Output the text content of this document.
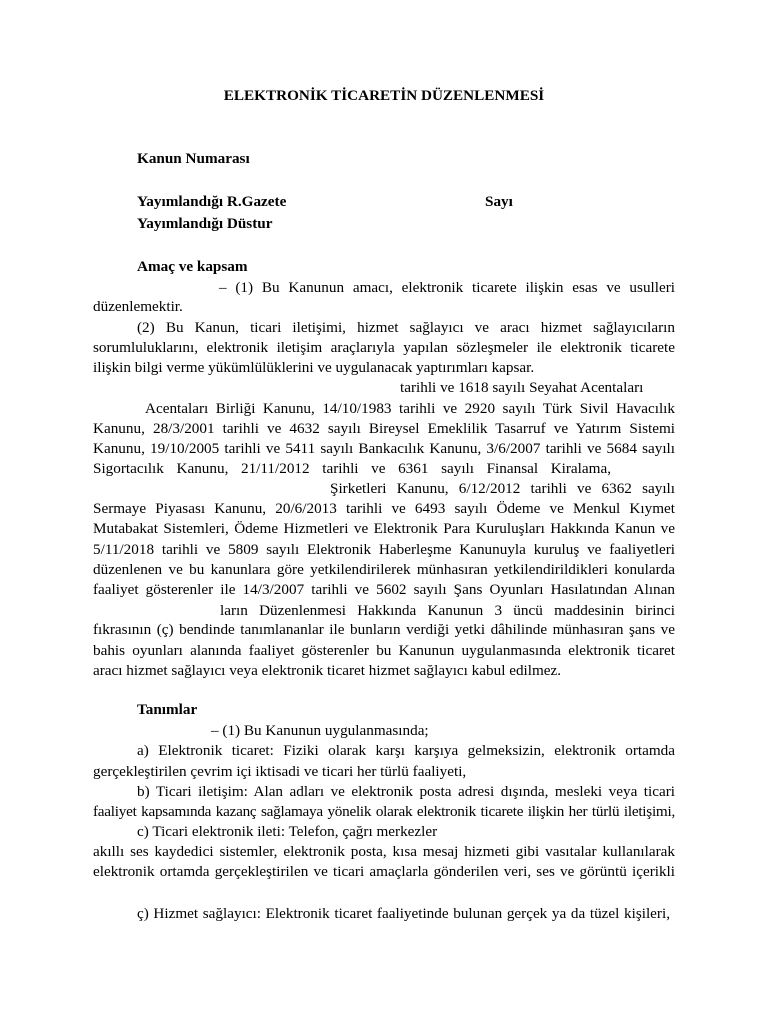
ELEKTRONİK TİCARETİN DÜZENLENMESİ
Kanun Numarası
Yayımlandığı R.Gazete	Sayı
Yayımlandığı Düstur
Amaç ve kapsam
– (1) Bu Kanunun amacı, elektronik ticarete ilişkin esas ve usulleri
düzenlemektir.
(2) Bu Kanun, ticari iletişimi, hizmet sağlayıcı ve aracı hizmet sağlayıcıların
sorumluluklarını, elektronik iletişim araçlarıyla yapılan sözleşmeler ile elektronik ticarete
ilişkin bilgi verme yükümlülüklerini ve uygulanacak yaptırımları kapsar.
tarihli ve 1618 sayılı Seyahat Acentaları
Acentaları Birliği Kanunu, 14/10/1983 tarihli ve 2920 sayılı Türk Sivil Havacılık
Kanunu, 28/3/2001 tarihli ve 4632 sayılı Bireysel Emeklilik Tasarruf ve Yatırım Sistemi
Kanunu, 19/10/2005 tarihli ve 5411 sayılı Bankacılık Kanunu, 3/6/2007 tarihli ve 5684 sayılı
Sigortacılık Kanunu, 21/11/2012 tarihli ve 6361 sayılı Finansal Kiralama,
Şirketleri Kanunu, 6/12/2012 tarihli ve 6362 sayılı
Sermaye Piyasası Kanunu, 20/6/2013 tarihli ve 6493 sayılı Ödeme ve Menkul Kıymet
Mutabakat Sistemleri, Ödeme Hizmetleri ve Elektronik Para Kuruluşları Hakkında Kanun ve
5/11/2018 tarihli ve 5809 sayılı Elektronik Haberleşme Kanunuyla kuruluş ve faaliyetleri
düzenlenen ve bu kanunlara göre yetkilendirilerek münhasıran yetkilendirildikleri konularda
faaliyet gösterenler ile 14/3/2007 tarihli ve 5602 sayılı Şans Oyunları Hasılatından Alınan
ların Düzenlenmesi Hakkında Kanunun 3 üncü maddesinin birinci
fıkrasının (ç) bendinde tanımlananlar ile bunların verdiği yetki dâhilinde münhasıran şans ve
bahis oyunları alanında faaliyet gösterenler bu Kanunun uygulanmasında elektronik ticaret
aracı hizmet sağlayıcı veya elektronik ticaret hizmet sağlayıcı kabul edilmez.
Tanımlar
– (1) Bu Kanunun uygulanmasında;
a) Elektronik ticaret: Fiziki olarak karşı karşıya gelmeksizin, elektronik ortamda
gerçekleştirilen çevrim içi iktisadi ve ticari her türlü faaliyeti,
b) Ticari iletişim: Alan adları ve elektronik posta adresi dışında, mesleki veya ticari
faaliyet kapsamında kazanç sağlamaya yönelik olarak elektronik ticarete ilişkin her türlü iletişimi,
c) Ticari elektronik ileti: Telefon, çağrı merkezler
akıllı ses kaydedici sistemler, elektronik posta, kısa mesaj hizmeti gibi vasıtalar kullanılarak
elektronik ortamda gerçekleştirilen ve ticari amaçlarla gönderilen veri, ses ve görüntü içerikli
ç) Hizmet sağlayıcı: Elektronik ticaret faaliyetinde bulunan gerçek ya da tüzel kişileri,
